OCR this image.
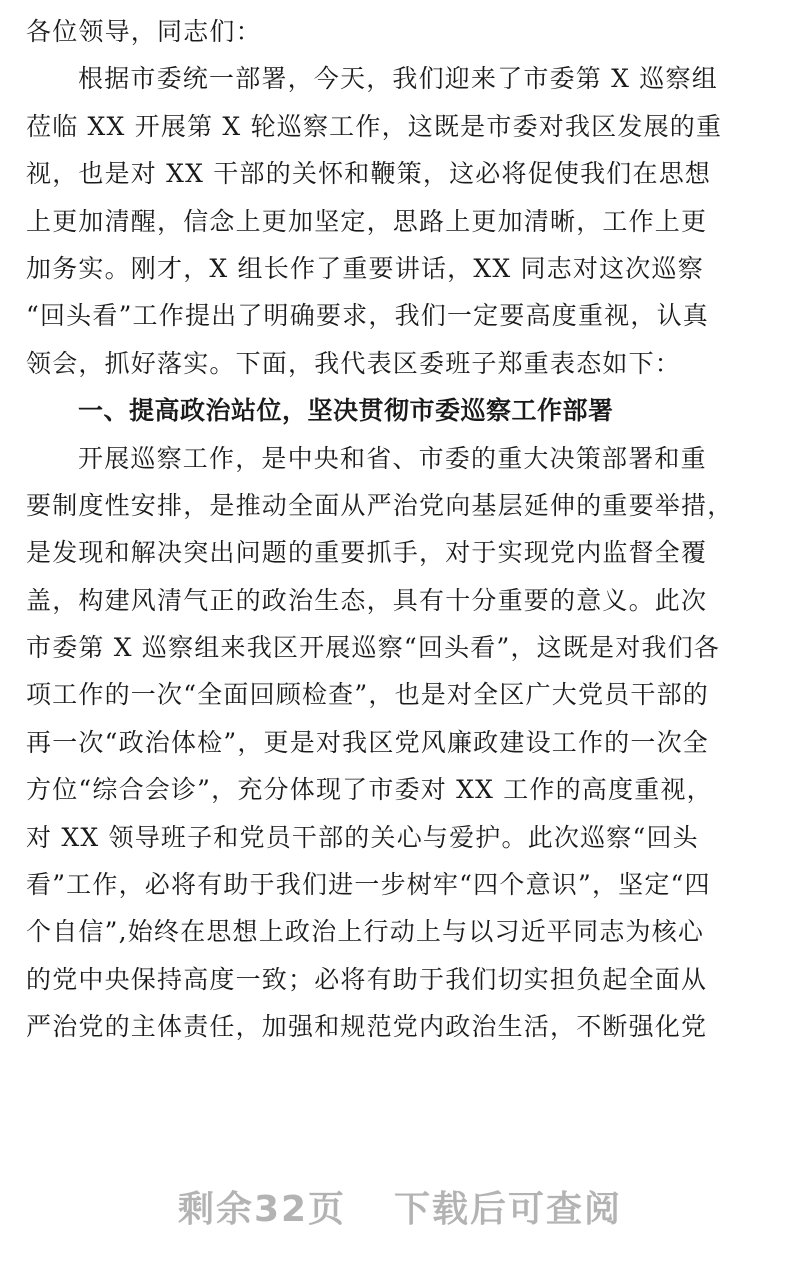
各位领导，同志们：
根据市委统一部署，今天，我们迎来了市委第 X 巡察组
莅临 XX 开展第 X 轮巡察工作，这既是市委对我区发展的重
视，也是对 XX 干部的关怀和鞭策，这必将促使我们在思想
上更加清醒，信念上更加坚定，思路上更加清晰，工作上更
加务实。刚才，X 组长作了重要讲话，XX 同志对这次巡察
“回头看”工作提出了明确要求，我们一定要高度重视，认真
领会，抓好落实。下面，我代表区委班子郑重表态如下：
一、提高政治站位，坚决贯彻市委巡察工作部署
开展巡察工作，是中央和省、市委的重大决策部署和重
要制度性安排，是推动全面从严治党向基层延伸的重要举措，
是发现和解决突出问题的重要抓手，对于实现党内监督全覆
盖，构建风清气正的政治生态，具有十分重要的意义。此次
市委第 X 巡察组来我区开展巡察“回头看”，这既是对我们各
项工作的一次“全面回顾检查”，也是对全区广大党员干部的
再一次“政治体检”，更是对我区党风廉政建设工作的一次全
方位“综合会诊”，充分体现了市委对 XX 工作的高度重视，
对 XX 领导班子和党员干部的关心与爱护。此次巡察“回头
看”工作，必将有助于我们进一步树牢“四个意识”，坚定“四
个自信”,始终在思想上政治上行动上与以习近平同志为核心
的党中央保持高度一致；必将有助于我们切实担负起全面从
严治党的主体责任，加强和规范党内政治生活，不断强化党
剩余32页 下载后可查阅
